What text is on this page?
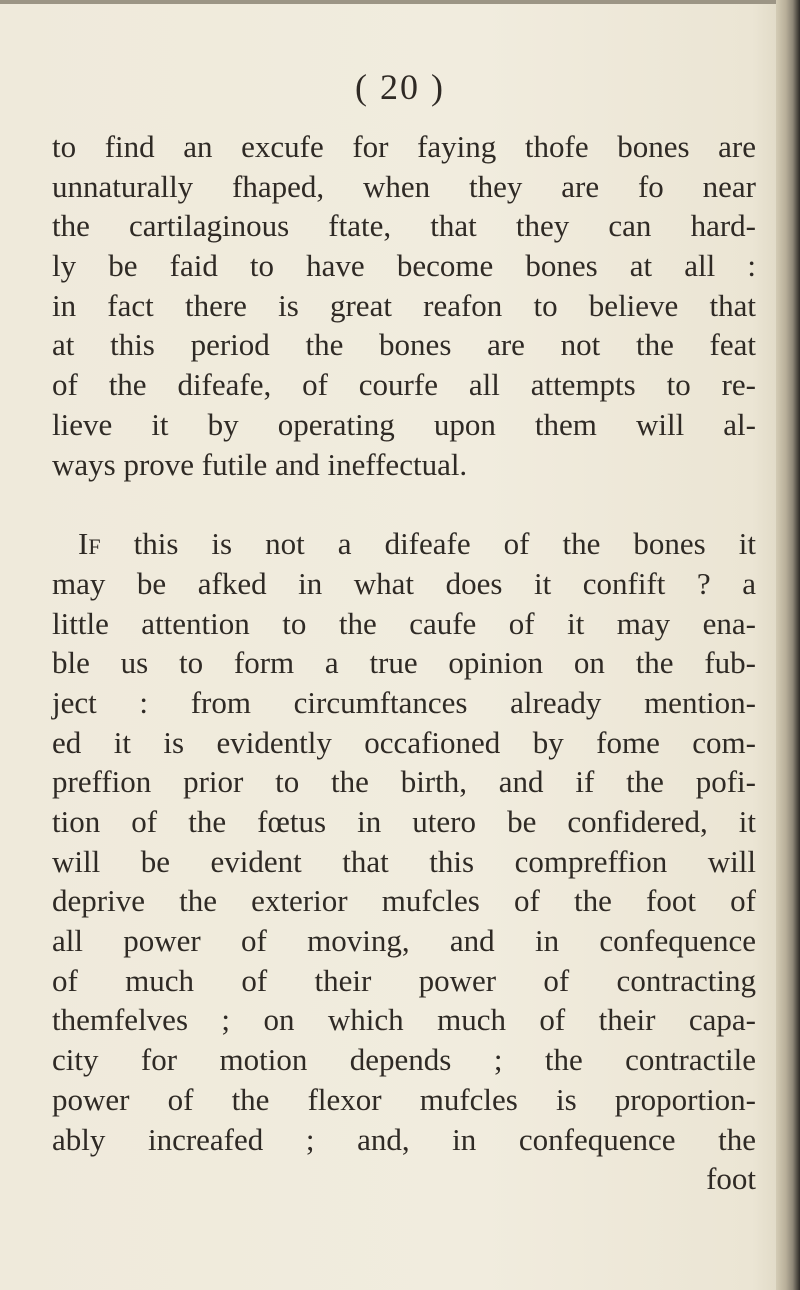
( 20 )
to find an excufe for faying thofe bones are
unnaturally fhaped, when they are fo near
the cartilaginous ftate, that they can hard-
ly be faid to have become bones at all :
in fact there is great reafon to believe that
at this period the bones are not the feat
of the difeafe, of courfe all attempts to re-
lieve it by operating upon them will al-
ways prove futile and ineffectual.
If this is not a difeafe of the bones it
may be afked in what does it confift ? a
little attention to the caufe of it may ena-
ble us to form a true opinion on the fub-
ject : from circumftances already mention-
ed it is evidently occafioned by fome com-
preffion prior to the birth, and if the pofi-
tion of the fœtus in utero be confidered, it
will be evident that this compreffion will
deprive the exterior mufcles of the foot of
all power of moving, and in confequence
of much of their power of contracting
themfelves ; on which much of their capa-
city for motion depends ; the contractile
power of the flexor mufcles is proportion-
ably increafed ; and, in confequence the
foot
